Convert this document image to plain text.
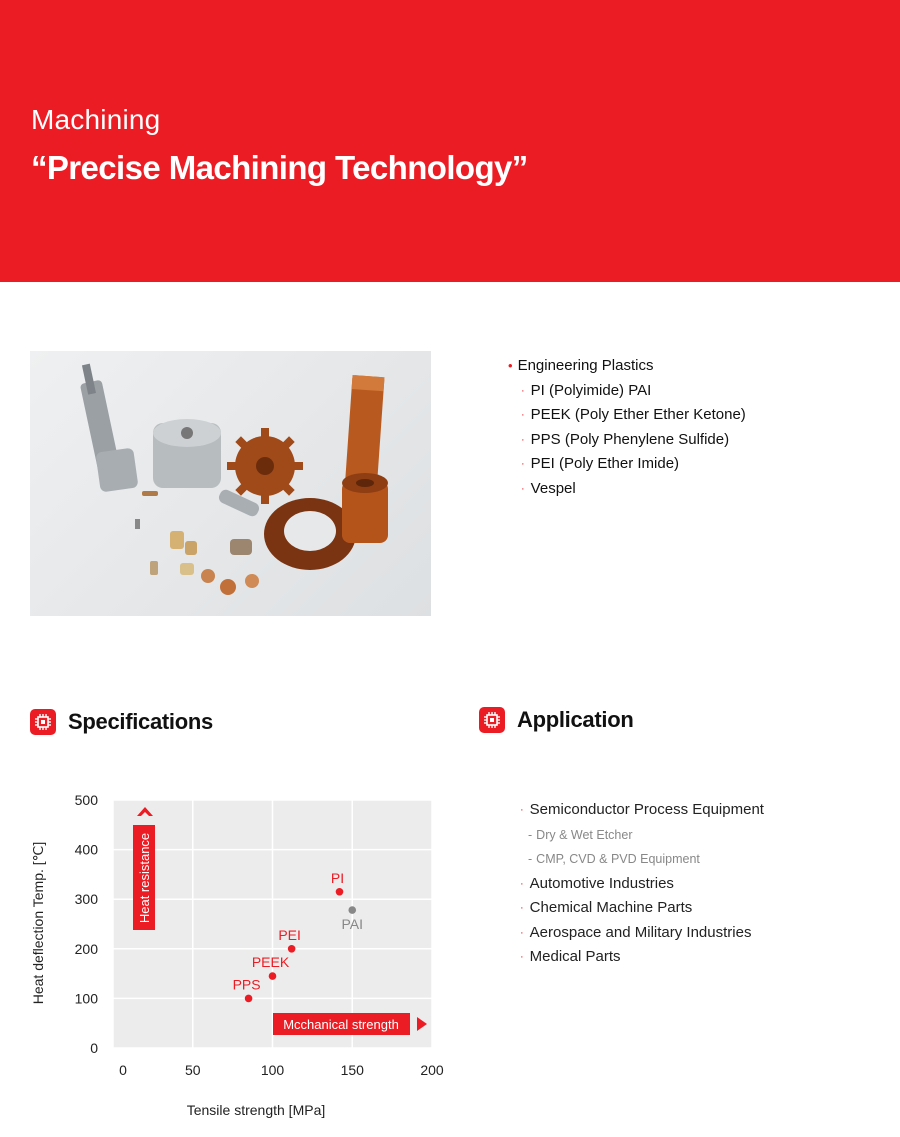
Machining
“Precise Machining Technology”
• Engineering Plastics
· PI (Polyimide) PAI
· PEEK (Poly Ether Ether Ketone)
· PPS (Poly Phenylene Sulfide)
· PEI (Poly Ether Imide)
· Vespel
Specifications	Application
· Semiconductor Process Equipment
- Dry & Wet Etcher
- CMP, CVD & PVD Equipment
· Automotive Industries
· Chemical Machine Parts
· Aerospace and Military Industries
· Medical Parts
0	50	100	150	200
0
100
200
300
400
500
Heat resistance
Mcchanical strength
PPS
PEEK
PEI
PI
PAI
Tensile strength [MPa]
Heat deflection Temp. [℃]
